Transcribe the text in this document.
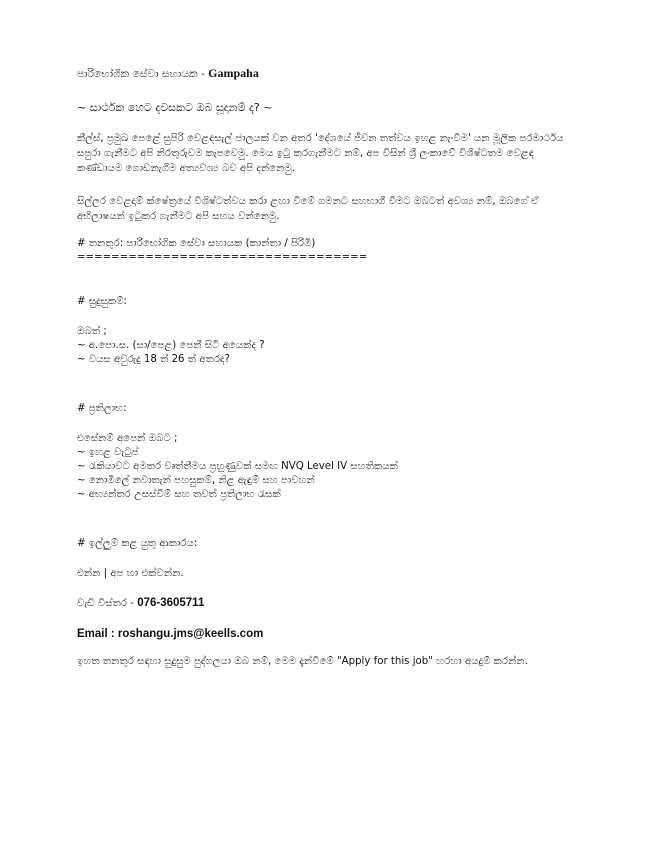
පාරිභෝගික සේවා සහායක - Gampaha
~ සාර්ථක හෙට දවසකට ඔබ සූදානම් ද? ~
කීල්ස්, ප්‍රමුඛ පෙළේ සුපිරි වෙළඳසැල් ජාලයක් වන අතර 'දේශයේ ජීවන තත්වය ඉහළ නැංවීම' යන මූලික පරමාර්ථය සපුරා ගැනීමට අපි නිරතුරුවම කැපවෙමු. මෙය ඉටු කරගැනීමට නම්, අප විසින් ශ්‍රී ලංකාවේ විශිෂ්ටතම වෙළඳ කණ්ඩායම ගොඩනැගීම අත්‍යවශ්‍ය බව අපි දන්නෙමු.
සිල්ලර වෙළදාම් ක්ෂේත්‍රයේ විශිෂ්ටත්වය කරා ළඟා වීමේ ගමනට සහභාගී වීමට ඔබටත් අවශ්‍ය නම්, ඔබගේ ඒ අභිලාෂයන් ඉටුකර ගැනීමට අපි සහය වන්නෙමු.
# තනතුර: පාරිභෝගික සේවා සහායක (කාන්තා / පිරිමි)
==================================
# සුදුසුකම්:
ඔබත් ;
~ අ.පො.ස. (සා/පෙළ) පෙනී සිටි අයෙක්ද ?
~ වයස අවුරුදු 18 ත් 26 ත් අතරද?
# ප්‍රතිලාභ:
එසේනම් අපෙන් ඔබට ;
~ ඉහළ වැටුප්
~ රැකියාවට අමතර වෘත්තීමය ප්‍රහුණුවක් සමඟ NVQ Level IV සහතිකයක්
~ නොමිලේ නවාතැන් පහසුකම්, නිළ ඇඳුම් සහ පාවහන්
~ අභ්‍යන්තර උසස්වීම් සහ තවත් ප්‍රතිලාභ රැසක්
# ඉල්ලුම් කළ යුතු ආකාරය:
එන්න | අප හා එක්වන්න.
වැඩි විස්තර - 076-3605711
Email : roshangu.jms@keells.com
ඉහත තනතුර සඳහා සුදුසුම පුද්ගලයා ඔබ නම්, මෙම දැන්වීමේ "Apply for this job" හරහා අයදුම් කරන්න.
